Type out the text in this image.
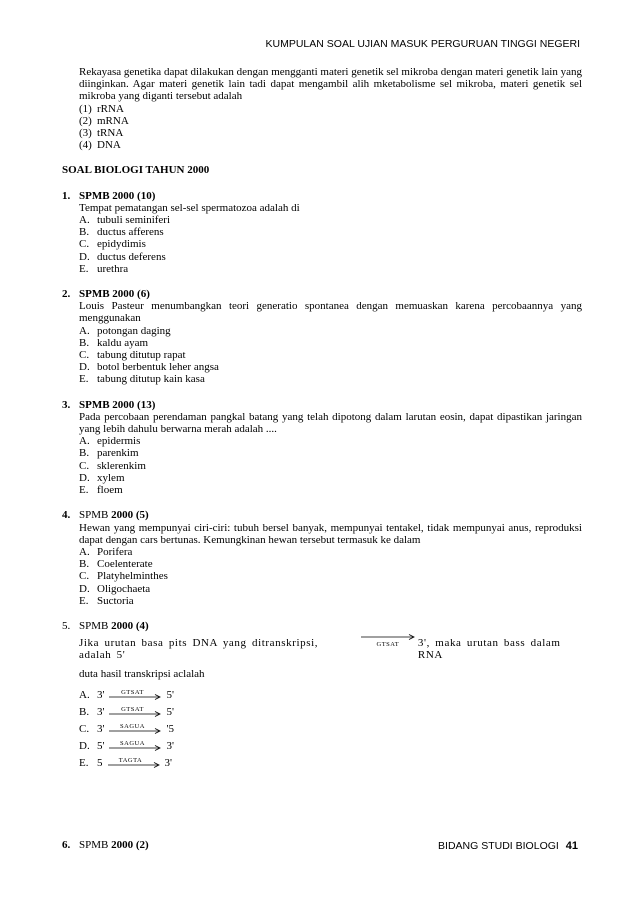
KUMPULAN SOAL UJIAN MASUK PERGURUAN TINGGI NEGERI
Rekayasa genetika dapat dilakukan dengan mengganti materi genetik sel mikroba dengan materi genetik lain yang diinginkan. Agar materi genetik lain tadi dapat mengambil alih mketabolisme sel mikroba, materi genetik sel mikroba yang diganti tersebut adalah
(1) rRNA
(2) mRNA
(3) tRNA
(4) DNA
SOAL BIOLOGI TAHUN 2000
1. SPMB 2000 (10)
Tempat pematangan sel-sel spermatozoa adalah di
A. tubuli seminiferi
B. ductus afferens
C. epidydimis
D. ductus deferens
E. urethra
2. SPMB 2000 (6)
Louis Pasteur menumbangkan teori generatio spontanea dengan memuaskan karena percobaannya yang menggunakan
A. potongan daging
B. kaldu ayam
C. tabung ditutup rapat
D. botol berbentuk leher angsa
E. tabung ditutup kain kasa
3. SPMB 2000 (13)
Pada percobaan perendaman pangkal batang yang telah dipotong dalam larutan eosin, dapat dipastikan jaringan yang lebih dahulu berwarna merah adalah ....
A. epidermis
B. parenkim
C. sklerenkim
D. xylem
E. floem
4. SPMB 2000 (5)
Hewan yang mempunyai ciri-ciri: tubuh bersel banyak, mempunyai tentakel, tidak mempunyai anus, reproduksi dapat dengan cars bertunas. Kemungkinan hewan tersebut termasuk ke dalam
A. Porifera
B. Coelenterate
C. Platyhelminthes
D. Oligochaeta
E. Suctoria
5. SPMB 2000 (4)
Jika urutan basa pits DNA yang ditranskripsi, adalah 5'
GTSAT	3', maka urutan bass dalam RNA
duta hasil transkripsi aclalah
A. 3'	GTSAT	5'
B. 3'	GTSAT	5'
C. 3'	SAGUA	'5
D. 5'	SAGUA	3'
E. 5	TAGTA	3'
6. SPMB 2000 (2)	BIDANG STUDI BIOLOGI 41
